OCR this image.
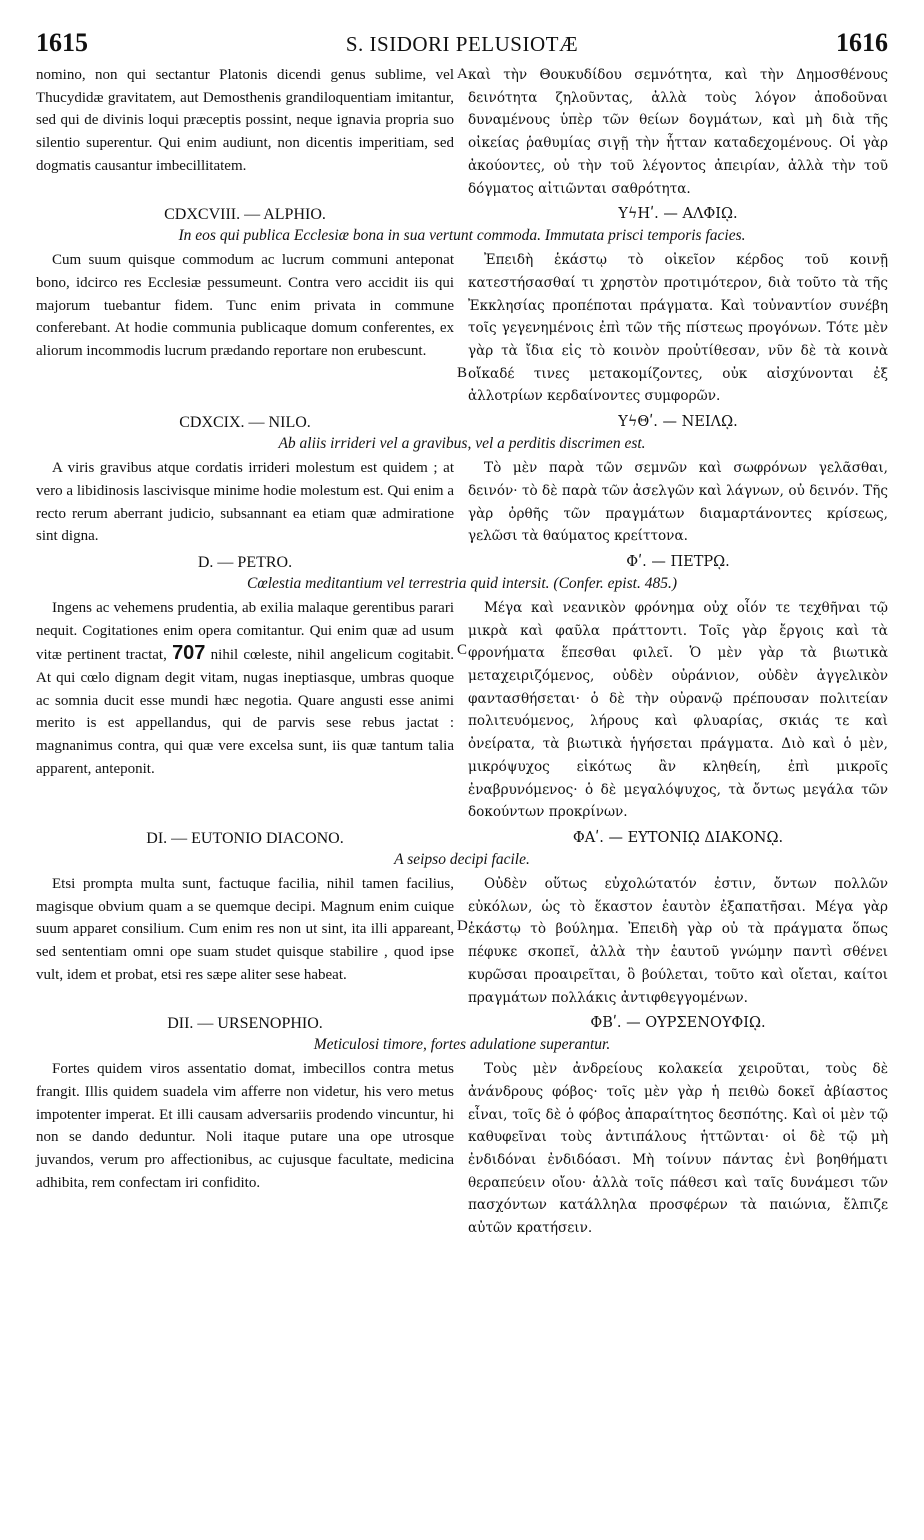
1615	S. ISIDORI PELUSIOTÆ	1616

nomino, non qui sectantur Platonis dicendi genus sublime, vel Thucydidæ gravitatem, aut Demosthenis grandiloquentiam imitantur, sed qui de divinis loqui præceptis possint, neque ignavia propria suo silentio superentur. Qui enim audiunt, non dicentis imperitiam, sed dogmatis causantur imbecillitatem.

καὶ τὴν Θουκυδίδου σεμνότητα, καὶ τὴν Δημοσθένους δεινότητα ζηλοῦντας, ἀλλὰ τοὺς λόγον ἀποδοῦναι δυναμένους ὑπὲρ τῶν θείων δογμάτων, καὶ μὴ διὰ τῆς οἰκείας ῥαθυμίας σιγῇ τὴν ἧτταν καταδεχομένους. Οἱ γὰρ ἀκούοντες, οὐ τὴν τοῦ λέγοντος ἀπειρίαν, ἀλλὰ τὴν τοῦ δόγματος αἰτιῶνται σαθρότητα.

A
CDXCVIII. — ALPHIO.	ΥϟΗʹ. — ΑΛΦΙῼ.
In eos qui publica Ecclesiæ bona in sua vertunt commoda. Immutata prisci temporis facies.

Cum suum quisque commodum ac lucrum communi anteponat bono, idcirco res Ecclesiæ pessumeunt. Contra vero accidit iis qui majorum tuebantur fidem. Tunc enim privata in commune conferebant. At hodie communia publicaque domum conferentes, ex aliorum incommodis lucrum prædando reportare non erubescunt.

Ἐπειδὴ ἑκάστῳ τὸ οἰκεῖον κέρδος τοῦ κοινῇ κατεστήσασθαί τι χρηστὸν προτιμότερον, διὰ τοῦτο τὰ τῆς Ἐκκλησίας προπέποται πράγματα. Καὶ τοὐναντίον συνέβη τοῖς γεγενημένοις ἐπὶ τῶν τῆς πίστεως προγόνων. Τότε μὲν γὰρ τὰ ἴδια εἰς τὸ κοινὸν προὐτίθεσαν, νῦν δὲ τὰ κοινὰ οἴκαδέ τινες μετακομίζοντες, οὐκ αἰσχύνονται ἐξ ἀλλοτρίων κερδαίνοντες συμφορῶν.

B
CDXCIX. — NILO.	ΥϟΘʹ. — ΝΕΙΛῼ.
Ab aliis irrideri vel a gravibus, vel a perditis discrimen est.

A viris gravibus atque cordatis irrideri molestum est quidem ; at vero a libidinosis lascivisque minime hodie molestum est. Qui enim a recto rerum aberrant judicio, subsannant ea etiam quæ admiratione sint digna.

Τὸ μὲν παρὰ τῶν σεμνῶν καὶ σωφρόνων γελᾶσθαι, δεινόν· τὸ δὲ παρὰ τῶν ἀσελγῶν καὶ λάγνων, οὐ δεινόν. Τῆς γὰρ ὀρθῆς τῶν πραγμάτων διαμαρτάνοντες κρίσεως, γελῶσι τὰ θαύματος κρείττονα.

D. — PETRO.	Φʹ. — ΠΕΤΡῼ.
Cœlestia meditantium vel terrestria quid intersit. (Confer. epist. 485.)

Ingens ac vehemens prudentia, ab exilia malaque gerentibus parari nequit. Cogitationes enim opera comitantur. Qui enim quæ ad usum vitæ pertinent tractat, 707 nihil cœleste, nihil angelicum cogitabit. At qui cœlo dignam degit vitam, nugas ineptiasque, umbras quoque ac somnia ducit esse mundi hæc negotia. Quare angusti esse animi merito is est appellandus, qui de parvis sese rebus jactat : magnanimus contra, qui quæ vere excelsa sunt, iis quæ tantum talia apparent, anteponit.

Μέγα καὶ νεανικὸν φρόνημα οὐχ οἷόν τε τεχθῆναι τῷ μικρὰ καὶ φαῦλα πράττοντι. Τοῖς γὰρ ἔργοις καὶ τὰ φρονήματα ἕπεσθαι φιλεῖ. Ὁ μὲν γὰρ τὰ βιωτικὰ μεταχειριζόμενος, οὐδὲν οὐράνιον, οὐδὲν ἀγγελικὸν φαντασθήσεται· ὁ δὲ τὴν οὐρανῷ πρέπουσαν πολιτείαν πολιτευόμενος, λήρους καὶ φλυαρίας, σκιάς τε καὶ ὀνείρατα, τὰ βιωτικὰ ἡγήσεται πράγματα. Διὸ καὶ ὁ μὲν, μικρόψυχος εἰκότως ἂν κληθείη, ἐπὶ μικροῖς ἐναβρυνόμενος· ὁ δὲ μεγαλόψυχος, τὰ ὄντως μεγάλα τῶν δοκούντων προκρίνων.

C
DI. — EUTONIO DIACONO.	ΦΑʹ. — ΕΥΤΟΝΙῼ ΔΙΑΚΟΝῼ.
A seipso decipi facile.

Etsi prompta multa sunt, factuque facilia, nihil tamen facilius, magisque obvium quam a se quemque decipi. Magnum enim cuique suum apparet consilium. Cum enim res non ut sint, ita illi appareant, sed sententiam omni ope suam studet quisque stabilire , quod ipse vult, idem et probat, etsi res sæpe aliter sese habeat.

Οὐδὲν οὕτως εὐχολώτατόν ἐστιν, ὄντων πολλῶν εὐκόλων, ὡς τὸ ἕκαστον ἑαυτὸν ἐξαπατῆσαι. Μέγα γὰρ ἑκάστῳ τὸ βούλημα. Ἐπειδὴ γὰρ οὐ τὰ πράγματα ὅπως πέφυκε σκοπεῖ, ἀλλὰ τὴν ἑαυτοῦ γνώμην παντὶ σθένει κυρῶσαι προαιρεῖται, ὃ βούλεται, τοῦτο καὶ οἴεται, καίτοι πραγμάτων πολλάκις ἀντιφθεγγομένων.

D
DII. — URSENOPHIO.	ΦΒʹ. — ΟΥΡΣΕΝΟΥΦΙῼ.
Meticulosi timore, fortes adulatione superantur.

Fortes quidem viros assentatio domat, imbecillos contra metus frangit. Illis quidem suadela vim afferre non videtur, his vero metus impotenter imperat. Et illi causam adversariis prodendo vincuntur, hi non se dando deduntur. Noli itaque putare una ope utrosque juvandos, verum pro affectionibus, ac cujusque facultate, medicina adhibita, rem confectam iri confidito.

Τοὺς μὲν ἀνδρείους κολακεία χειροῦται, τοὺς δὲ ἀνάνδρους φόβος· τοῖς μὲν γὰρ ἡ πειθὼ δοκεῖ ἀβίαστος εἶναι, τοῖς δὲ ὁ φόβος ἀπαραίτητος δεσπότης. Καὶ οἱ μὲν τῷ καθυφεῖναι τοὺς ἀντιπάλους ἡττῶνται· οἱ δὲ τῷ μὴ ἐνδιδόναι ἐνδιδόασι. Μὴ τοίνυν πάντας ἐνὶ βοηθήματι θεραπεύειν οἴου· ἀλλὰ τοῖς πάθεσι καὶ ταῖς δυνάμεσι τῶν πασχόντων κατάλληλα προσφέρων τὰ παιώνια, ἔλπιζε αὐτῶν κρατήσειν.
